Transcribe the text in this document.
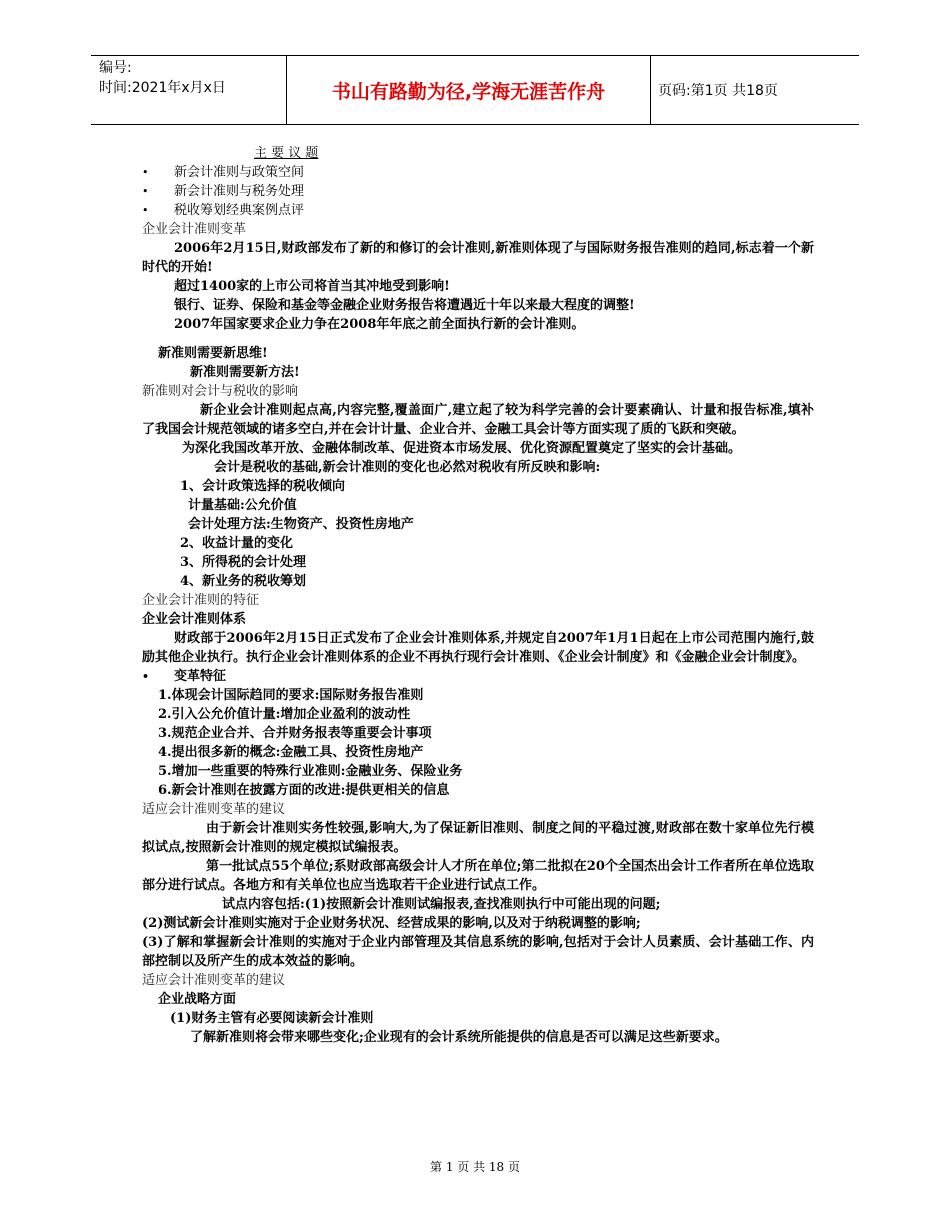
编号:
时间:2021年x月x日	书山有路勤为径,学海无涯苦作舟	页码:第1页 共18页
主 要 议 题
• 新会计准则与政策空间
• 新会计准则与税务处理
• 税收筹划经典案例点评
企业会计准则变革
2006年2月15日,财政部发布了新的和修订的会计准则,新准则体现了与国际财务报告准则的趋同,标志着一个新时代的开始!
超过1400家的上市公司将首当其冲地受到影响!
银行、证券、保险和基金等金融企业财务报告将遭遇近十年以来最大程度的调整!
2007年国家要求企业力争在2008年年底之前全面执行新的会计准则。
新准则需要新思维!
新准则需要新方法!
新准则对会计与税收的影响
新企业会计准则起点高,内容完整,覆盖面广,建立起了较为科学完善的会计要素确认、计量和报告标准,填补了我国会计规范领域的诸多空白,并在会计计量、企业合并、金融工具会计等方面实现了质的飞跃和突破。
为深化我国改革开放、金融体制改革、促进资本市场发展、优化资源配置奠定了坚实的会计基础。
会计是税收的基础,新会计准则的变化也必然对税收有所反映和影响:
1、会计政策选择的税收倾向
计量基础:公允价值
会计处理方法:生物资产、投资性房地产
2、收益计量的变化
3、所得税的会计处理
4、新业务的税收筹划
企业会计准则的特征
企业会计准则体系
财政部于2006年2月15日正式发布了企业会计准则体系,并规定自2007年1月1日起在上市公司范围内施行,鼓励其他企业执行。执行企业会计准则体系的企业不再执行现行会计准则、《企业会计制度》和《金融企业会计制度》。
• 变革特征
1.体现会计国际趋同的要求:国际财务报告准则
2.引入公允价值计量:增加企业盈利的波动性
3.规范企业合并、合并财务报表等重要会计事项
4.提出很多新的概念:金融工具、投资性房地产
5.增加一些重要的特殊行业准则:金融业务、保险业务
6.新会计准则在披露方面的改进:提供更相关的信息
适应会计准则变革的建议
由于新会计准则实务性较强,影响大,为了保证新旧准则、制度之间的平稳过渡,财政部在数十家单位先行模拟试点,按照新会计准则的规定模拟试编报表。
第一批试点55个单位;系财政部高级会计人才所在单位;第二批拟在20个全国杰出会计工作者所在单位选取部分进行试点。各地方和有关单位也应当选取若干企业进行试点工作。
试点内容包括:(1)按照新会计准则试编报表,查找准则执行中可能出现的问题;
(2)测试新会计准则实施对于企业财务状况、经营成果的影响,以及对于纳税调整的影响;
(3)了解和掌握新会计准则的实施对于企业内部管理及其信息系统的影响,包括对于会计人员素质、会计基础工作、内部控制以及所产生的成本效益的影响。
适应会计准则变革的建议
企业战略方面
(1)财务主管有必要阅读新会计准则
了解新准则将会带来哪些变化;企业现有的会计系统所能提供的信息是否可以满足这些新要求。
第 1 页 共 18 页
